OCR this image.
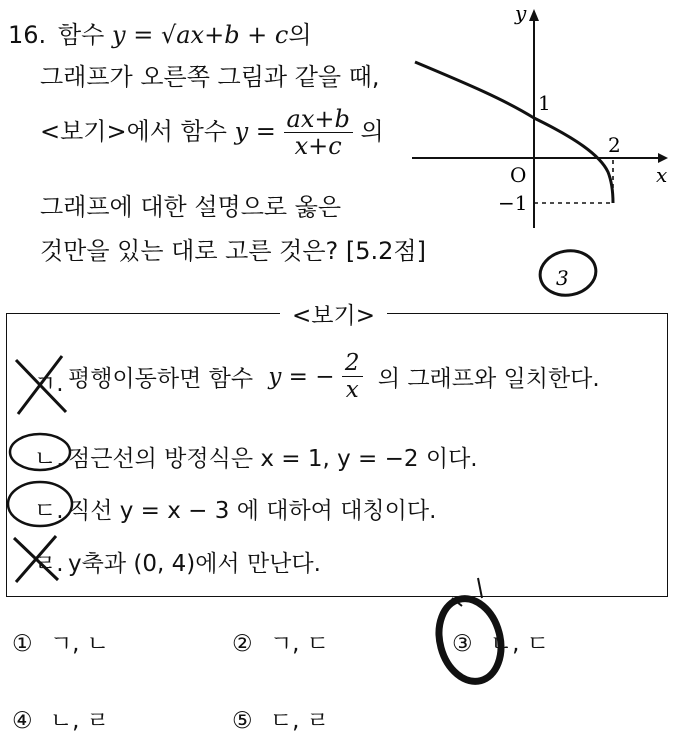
16. 함수 y = √ax+b + c의
그래프가 오른쪽 그림과 같을 때,
<보기>에서 함수 $y = \frac{ax+b}{x+c}$ 의
그래프에 대한 설명으로 옳은
것만을 있는 대로 고른 것은? [5.2점]
y
x
O
1
2
−1
3
<보기>
ㄱ. 평행이동하면 함수 y = − $\frac{2}{x}$ 의 그래프와 일치한다.
ㄴ. 점근선의 방정식은 x = 1, y = −2 이다.
ㄷ. 직선 y = x − 3 에 대하여 대칭이다.
ㄹ. y축과 (0, 4)에서 만난다.
① ㄱ, ㄴ	② ㄱ, ㄷ	③ ㄴ, ㄷ
④ ㄴ, ㄹ	⑤ ㄷ, ㄹ
